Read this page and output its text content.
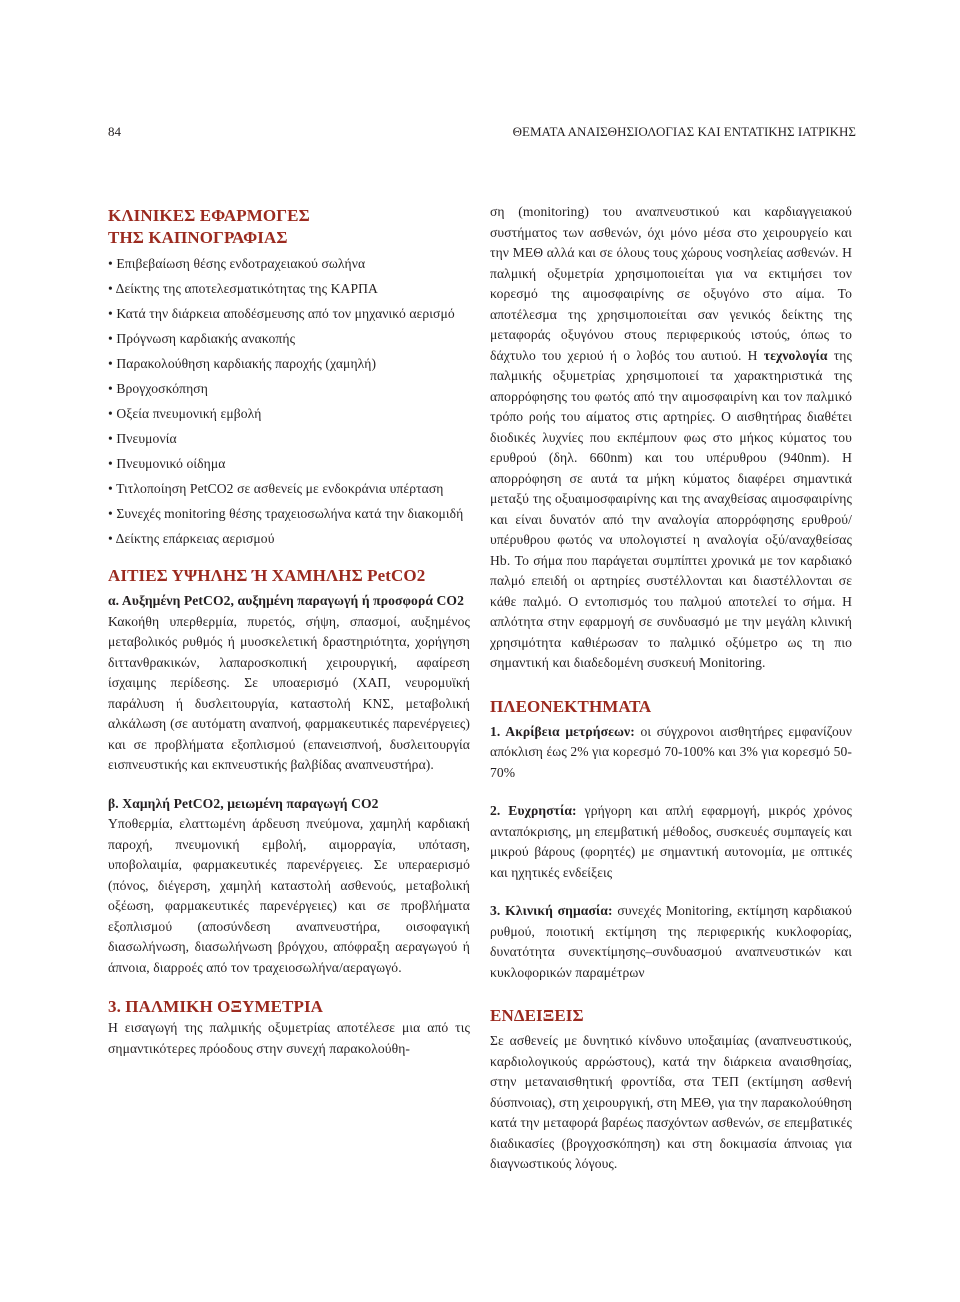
84	ΘΕΜΑΤΑ ΑΝΑΙΣΘΗΣΙΟΛΟΓΙΑΣ ΚΑΙ ΕΝΤΑΤΙΚΗΣ ΙΑΤΡΙΚΗΣ
ΚΛΙΝΙΚΕΣ ΕΦΑΡΜΟΓΕΣ
ΤΗΣ ΚΑΠΝΟΓΡΑΦΙΑΣ
• Επιβεβαίωση θέσης ενδοτραχειακού σωλήνα
• Δείκτης της αποτελεσματικότητας της ΚΑΡΠΑ
• Κατά την διάρκεια αποδέσμευσης από τον μηχανικό αερισμό
• Πρόγνωση καρδιακής ανακοπής
• Παρακολούθηση καρδιακής παροχής (χαμηλή)
• Βρογχοσκόπηση
• Οξεία πνευμονική εμβολή
• Πνευμονία
• Πνευμονικό οίδημα
• Τιτλοποίηση PetCO2 σε ασθενείς με ενδοκράνια υπέρταση
• Συνεχές monitoring θέσης τραχειοσωλήνα κατά την διακομιδή
• Δείκτης επάρκειας αερισμού
ΑΙΤΙΕΣ ΥΨΗΛΗΣ Ή ΧΑΜΗΛΗΣ PetCO2
α. Αυξημένη PetCO2, αυξημένη παραγωγή ή προσφορά CO2

Κακοήθη υπερθερμία, πυρετός, σήψη, σπασμοί, αυξημένος μεταβολικός ρυθμός ή μυοσκελετική δραστηριότητα, χορήγηση διττανθρακικών, λαπαροσκοπική χειρουργική, αφαίρεση ίσχαιμης περίδεσης. Σε υποαερισμό (ΧΑΠ, νευρομυϊκή παράλυση ή δυσλειτουργία, καταστολή ΚΝΣ, μεταβολική αλκάλωση (σε αυτόματη αναπνοή, φαρμακευτικές παρενέργειες) και σε προβλήματα εξοπλισμού (επανεισπνοή, δυσλειτουργία εισπνευστικής και εκπνευστικής βαλβίδας αναπνευστήρα).

β. Χαμηλή PetCO2, μειωμένη παραγωγή CO2

Υποθερμία, ελαττωμένη άρδευση πνεύμονα, χαμηλή καρδιακή παροχή, πνευμονική εμβολή, αιμορραγία, υπόταση, υποβολαιμία, φαρμακευτικές παρενέργειες. Σε υπεραερισμό (πόνος, διέγερση, χαμηλή καταστολή ασθενούς, μεταβολική οξέωση, φαρμακευτικές παρενέργειες) και σε προβλήματα εξοπλισμού (αποσύνδεση αναπνευστήρα, οισοφαγική διασωλήνωση, διασωλήνωση βρόγχου, απόφραξη αεραγωγού ή άπνοια, διαρροές από τον τραχειοσωλήνα/αεραγωγό.

3. ΠΑΛΜΙΚΗ ΟΞΥΜΕΤΡΙΑ

Η εισαγωγή της παλμικής οξυμετρίας αποτέλεσε μια από τις σημαντικότερες πρόοδους στην συνεχή παρακολούθη-

ση (monitoring) του αναπνευστικού και καρδιαγγειακού συστήματος των ασθενών, όχι μόνο μέσα στο χειρουργείο και την ΜΕΘ αλλά και σε όλους τους χώρους νοσηλείας ασθενών. Η παλμική οξυμετρία χρησιμοποιείται για να εκτιμήσει τον κορεσμό της αιμοσφαιρίνης σε οξυγόνο στο αίμα. Το αποτέλεσμα της χρησιμοποιείται σαν γενικός δείκτης της μεταφοράς οξυγόνου στους περιφερικούς ιστούς, όπως το δάχτυλο του χεριού ή ο λοβός του αυτιού. Η τεχνολογία της παλμικής οξυμετρίας χρησιμοποιεί τα χαρακτηριστικά της απορρόφησης του φωτός από την αιμοσφαιρίνη και τον παλμικό τρόπο ροής του αίματος στις αρτηρίες. Ο αισθητήρας διαθέτει διοδικές λυχνίες που εκπέμπουν φως στο μήκος κύματος του ερυθρού (δηλ. 660nm) και του υπέρυθρου (940nm). Η απορρόφηση σε αυτά τα μήκη κύματος διαφέρει σημαντικά μεταξύ της οξυαιμοσφαιρίνης και της αναχθείσας αιμοσφαιρίνης και είναι δυνατόν από την αναλογία απορρόφησης ερυθρού/υπέρυθρου φωτός να υπολογιστεί η αναλογία οξύ/αναχθείσας Hb. Το σήμα που παράγεται συμπίπτει χρονικά με τον καρδιακό παλμό επειδή οι αρτηρίες συστέλλονται και διαστέλλονται σε κάθε παλμό. Ο εντοπισμός του παλμού αποτελεί το σήμα. Η απλότητα στην εφαρμογή σε συνδυασμό με την μεγάλη κλινική χρησιμότητα καθιέρωσαν το παλμικό οξύμετρο ως τη πιο σημαντική και διαδεδομένη συσκευή Monitoring.

ΠΛΕΟΝΕΚΤΗΜΑΤΑ

1. Ακρίβεια μετρήσεων: οι σύγχρονοι αισθητήρες εμφανίζουν απόκλιση έως 2% για κορεσμό 70-100% και 3% για κορεσμό 50-70%

2. Ευχρηστία: γρήγορη και απλή εφαρμογή, μικρός χρόνος ανταπόκρισης, μη επεμβατική μέθοδος, συσκευές συμπαγείς και μικρού βάρους (φορητές) με σημαντική αυτονομία, με οπτικές και ηχητικές ενδείξεις

3. Κλινική σημασία: συνεχές Monitoring, εκτίμηση καρδιακού ρυθμού, ποιοτική εκτίμηση της περιφερικής κυκλοφορίας, δυνατότητα συνεκτίμησης–συνδυασμού αναπνευστικών και κυκλοφορικών παραμέτρων

ΕΝΔΕΙΞΕΙΣ

Σε ασθενείς με δυνητικό κίνδυνο υποξαιμίας (αναπνευστικούς, καρδιολογικούς αρρώστους), κατά την διάρκεια αναισθησίας, στην μεταναισθητική φροντίδα, στα ΤΕΠ (εκτίμηση ασθενή δύσπνοιας), στη χειρουργική, στη ΜΕΘ, για την παρακολούθηση κατά την μεταφορά βαρέως πασχόντων ασθενών, σε επεμβατικές διαδικασίες (βρογχοσκόπηση) και στη δοκιμασία άπνοιας για διαγνωστικούς λόγους.
